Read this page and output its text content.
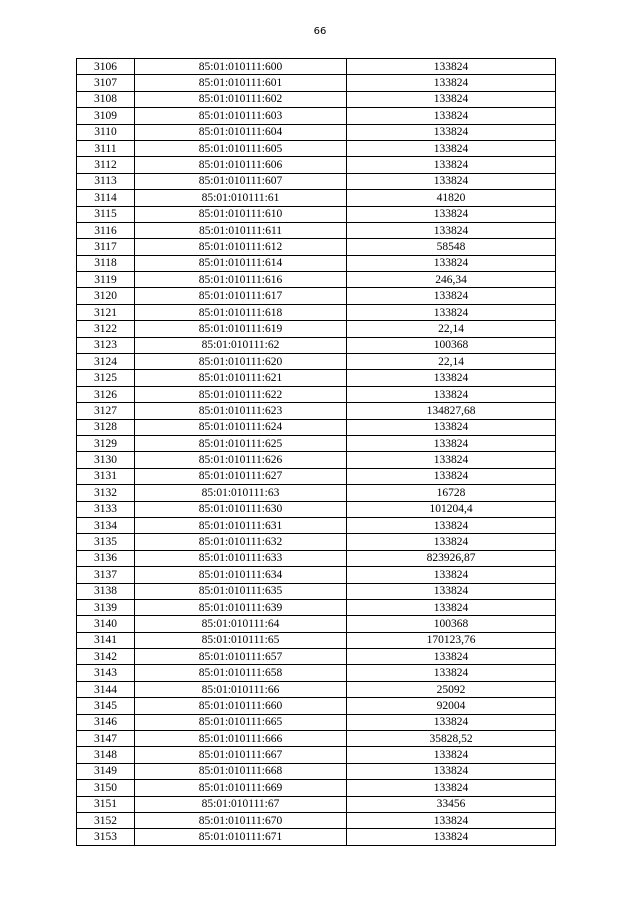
66
3106	85:01:010111:600	133824
3107	85:01:010111:601	133824
3108	85:01:010111:602	133824
3109	85:01:010111:603	133824
3110	85:01:010111:604	133824
3111	85:01:010111:605	133824
3112	85:01:010111:606	133824
3113	85:01:010111:607	133824
3114	85:01:010111:61	41820
3115	85:01:010111:610	133824
3116	85:01:010111:611	133824
3117	85:01:010111:612	58548
3118	85:01:010111:614	133824
3119	85:01:010111:616	246,34
3120	85:01:010111:617	133824
3121	85:01:010111:618	133824
3122	85:01:010111:619	22,14
3123	85:01:010111:62	100368
3124	85:01:010111:620	22,14
3125	85:01:010111:621	133824
3126	85:01:010111:622	133824
3127	85:01:010111:623	134827,68
3128	85:01:010111:624	133824
3129	85:01:010111:625	133824
3130	85:01:010111:626	133824
3131	85:01:010111:627	133824
3132	85:01:010111:63	16728
3133	85:01:010111:630	101204,4
3134	85:01:010111:631	133824
3135	85:01:010111:632	133824
3136	85:01:010111:633	823926,87
3137	85:01:010111:634	133824
3138	85:01:010111:635	133824
3139	85:01:010111:639	133824
3140	85:01:010111:64	100368
3141	85:01:010111:65	170123,76
3142	85:01:010111:657	133824
3143	85:01:010111:658	133824
3144	85:01:010111:66	25092
3145	85:01:010111:660	92004
3146	85:01:010111:665	133824
3147	85:01:010111:666	35828,52
3148	85:01:010111:667	133824
3149	85:01:010111:668	133824
3150	85:01:010111:669	133824
3151	85:01:010111:67	33456
3152	85:01:010111:670	133824
3153	85:01:010111:671	133824
